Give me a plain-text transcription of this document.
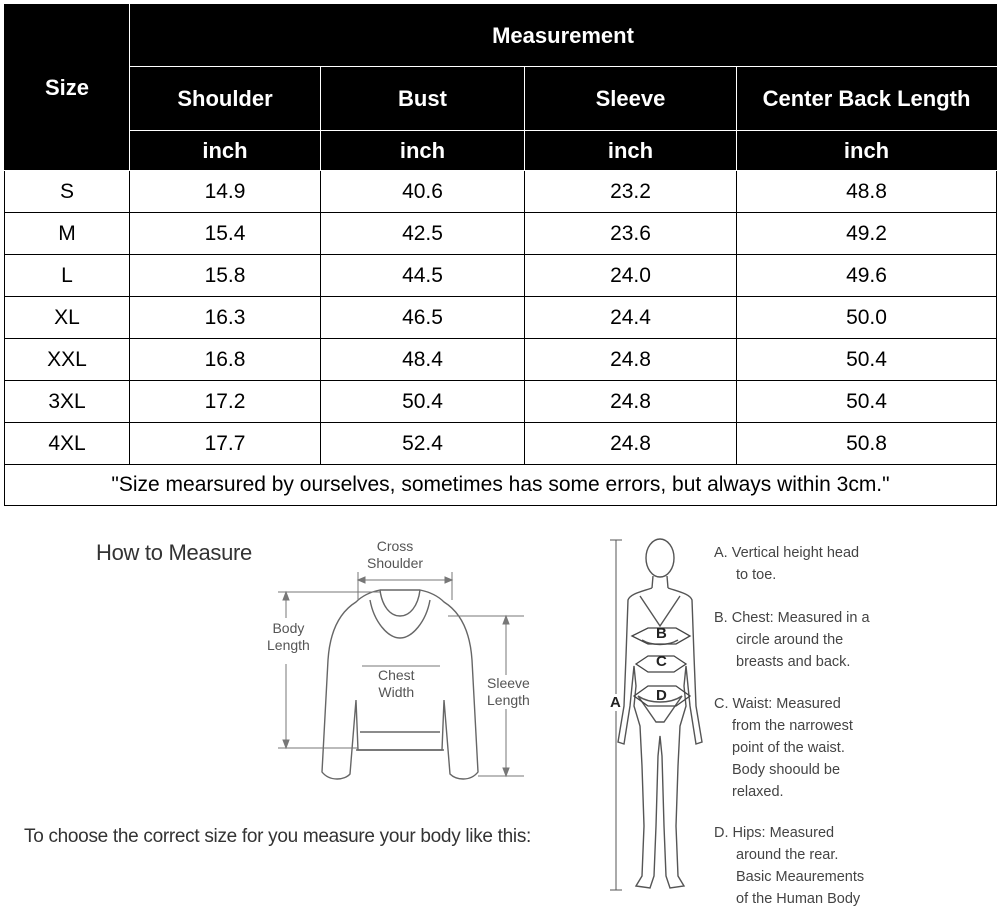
Size	Measurement			
	Shoulder	Bust	Sleeve	Center Back Length
	inch	inch	inch	inch
S	14.9	40.6	23.2	48.8
M	15.4	42.5	23.6	49.2
L	15.8	44.5	24.0	49.6
XL	16.3	46.5	24.4	50.0
XXL	16.8	48.4	24.8	50.4
3XL	17.2	50.4	24.8	50.4
4XL	17.7	52.4	24.8	50.8
"Size mearsured by ourselves, sometimes has some errors, but always within 3cm."				
How to Measure
To choose the correct size for you measure your body like this:
Cross
Shoulder
Body
Length
Chest
Width
Sleeve
Length	A
B
C
D
A. Vertical height head
to toe.
B. Chest: Measured in a
circle around the
breasts and back.
C. Waist: Measured
from the narrowest
point of the waist.
Body shoould be
relaxed.
D. Hips: Measured
around the rear.
Basic Meaurements
of the Human Body
